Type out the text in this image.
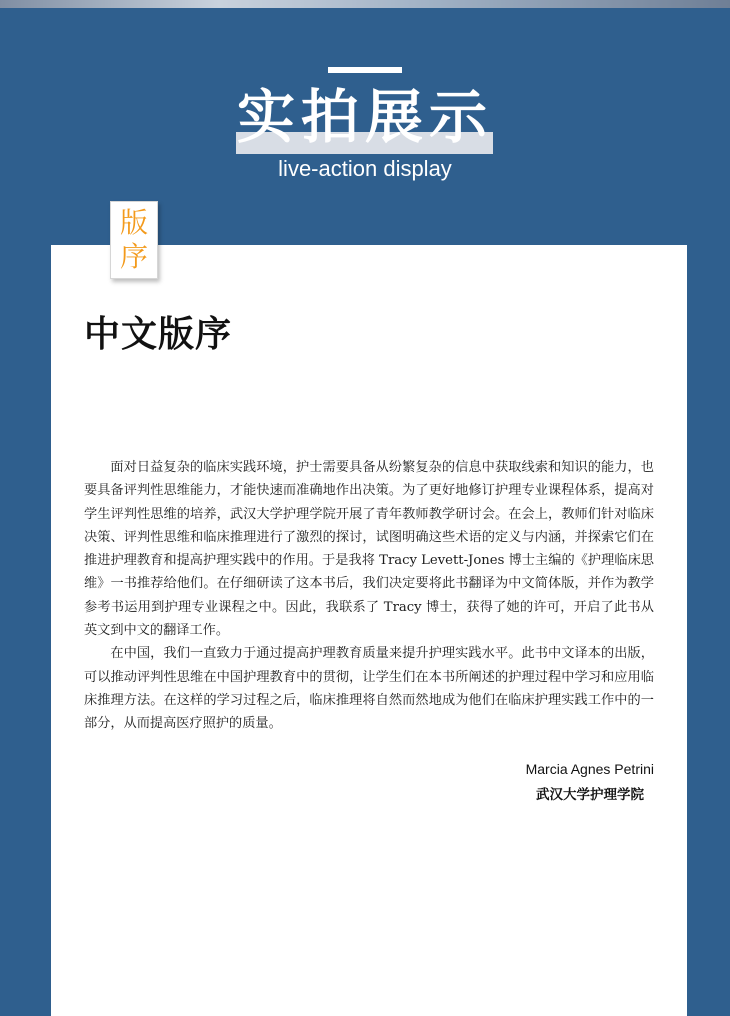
实拍展示
live-action display
版
序
中文版序

面对日益复杂的临床实践环境，护士需要具备从纷繁复杂的信息中获取线索和知识的能力，也要具备评判性思维能力，才能快速而准确地作出决策。为了更好地修订护理专业课程体系，提高对学生评判性思维的培养，武汉大学护理学院开展了青年教师教学研讨会。在会上，教师们针对临床决策、评判性思维和临床推理进行了激烈的探讨，试图明确这些术语的定义与内涵，并探索它们在推进护理教育和提高护理实践中的作用。于是我将 Tracy Levett-Jones 博士主编的《护理临床思维》一书推荐给他们。在仔细研读了这本书后，我们决定要将此书翻译为中文简体版，并作为教学参考书运用到护理专业课程之中。因此，我联系了 Tracy 博士，获得了她的许可，开启了此书从英文到中文的翻译工作。

在中国，我们一直致力于通过提高护理教育质量来提升护理实践水平。此书中文译本的出版，可以推动评判性思维在中国护理教育中的贯彻，让学生们在本书所阐述的护理过程中学习和应用临床推理方法。在这样的学习过程之后，临床推理将自然而然地成为他们在临床护理实践工作中的一部分，从而提高医疗照护的质量。

Marcia Agnes Petrini
武汉大学护理学院
